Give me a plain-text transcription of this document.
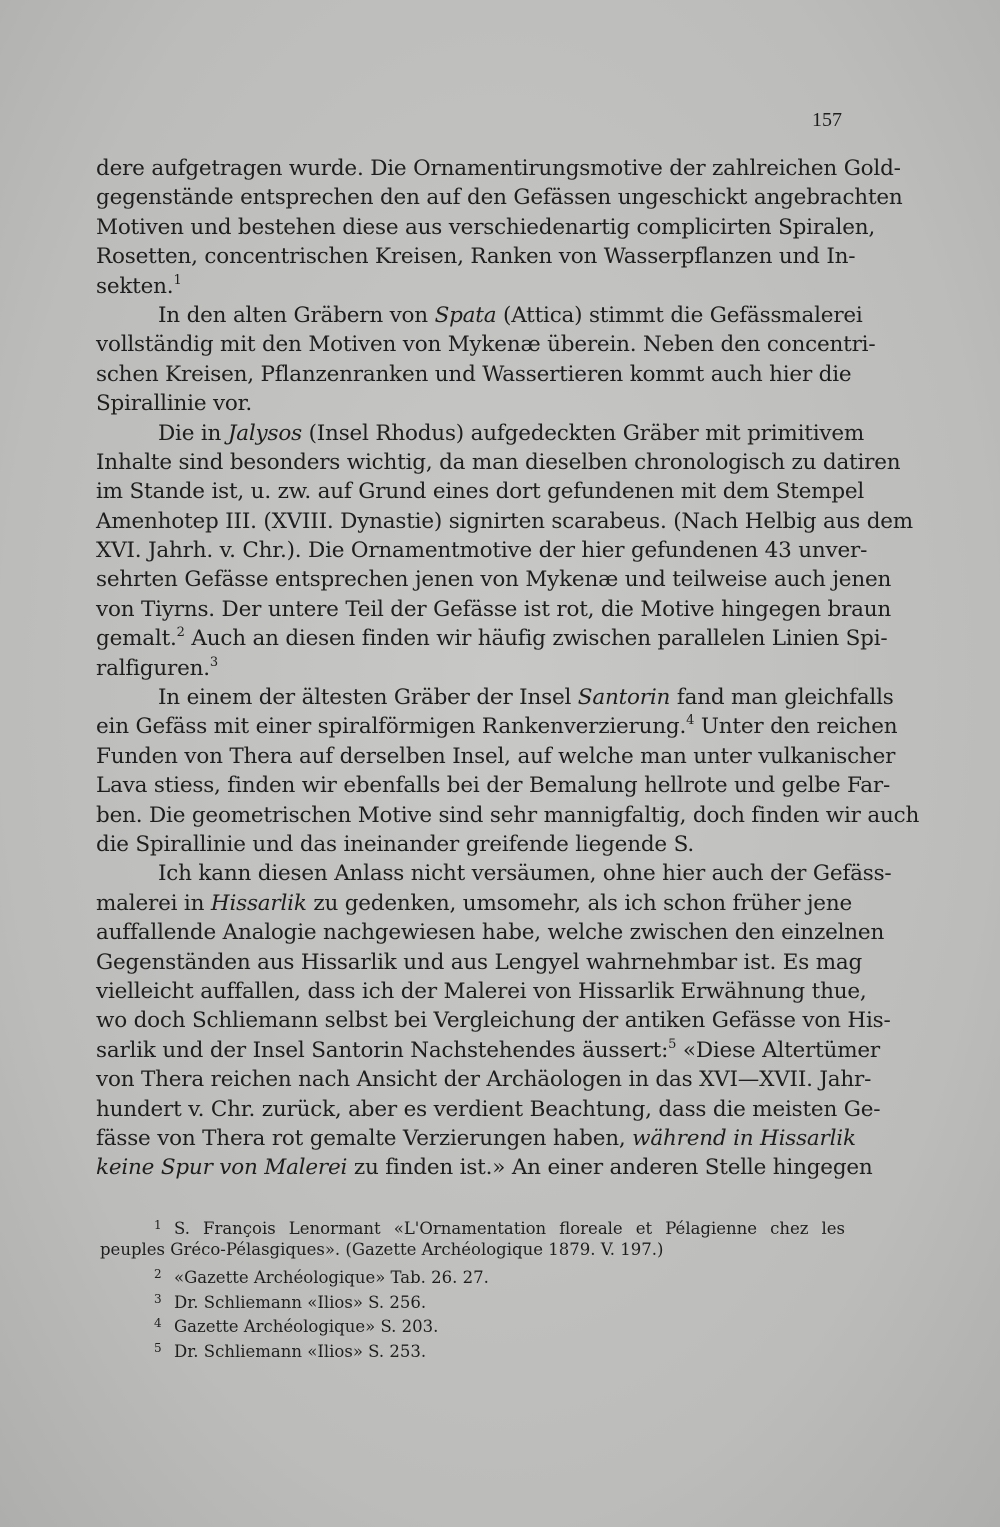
157
dere aufgetragen wurde. Die Ornamentirungsmotive der zahlreichen Gold-
gegenstände entsprechen den auf den Gefässen ungeschickt angebrachten
Motiven und bestehen diese aus verschiedenartig complicirten Spiralen,
Rosetten, concentrischen Kreisen, Ranken von Wasserpflanzen und In-
sekten.$^1$
In den alten Gräbern von Spata (Attica) stimmt die Gefässmalerei
vollständig mit den Motiven von Mykenæ überein. Neben den concentri-
schen Kreisen, Pflanzenranken und Wassertieren kommt auch hier die
Spirallinie vor.
Die in Jalysos (Insel Rhodus) aufgedeckten Gräber mit primitivem
Inhalte sind besonders wichtig, da man dieselben chronologisch zu datiren
im Stande ist, u. zw. auf Grund eines dort gefundenen mit dem Stempel
Amenhotep III. (XVIII. Dynastie) signirten scarabeus. (Nach Helbig aus dem
XVI. Jahrh. v. Chr.). Die Ornamentmotive der hier gefundenen 43 unver-
sehrten Gefässe entsprechen jenen von Mykenæ und teilweise auch jenen
von Tiyrns. Der untere Teil der Gefässe ist rot, die Motive hingegen braun
gemalt.$^2$ Auch an diesen finden wir häufig zwischen parallelen Linien Spi-
ralfiguren.$^3$
In einem der ältesten Gräber der Insel Santorin fand man gleichfalls
ein Gefäss mit einer spiralförmigen Rankenverzierung.$^4$ Unter den reichen
Funden von Thera auf derselben Insel, auf welche man unter vulkanischer
Lava stiess, finden wir ebenfalls bei der Bemalung hellrote und gelbe Far-
ben. Die geometrischen Motive sind sehr mannigfaltig, doch finden wir auch
die Spirallinie und das ineinander greifende liegende S.
Ich kann diesen Anlass nicht versäumen, ohne hier auch der Gefäss-
malerei in Hissarlik zu gedenken, umsomehr, als ich schon früher jene
auffallende Analogie nachgewiesen habe, welche zwischen den einzelnen
Gegenständen aus Hissarlik und aus Lengyel wahrnehmbar ist. Es mag
vielleicht auffallen, dass ich der Malerei von Hissarlik Erwähnung thue,
wo doch Schliemann selbst bei Vergleichung der antiken Gefässe von His-
sarlik und der Insel Santorin Nachstehendes äussert:$^5$ «Diese Altertümer
von Thera reichen nach Ansicht der Archäologen in das XVI—XVII. Jahr-
hundert v. Chr. zurück, aber es verdient Beachtung, dass die meisten Ge-
fässe von Thera rot gemalte Verzierungen haben, während in Hissarlik
keine Spur von Malerei zu finden ist.» An einer anderen Stelle hingegen
1 S. François Lenormant «L'Ornamentation floreale et Pélagienne chez les
peuples Gréco-Pélasgiques». (Gazette Archéologique 1879. V. 197.)
2 «Gazette Archéologique» Tab. 26. 27.
3 Dr. Schliemann «Ilios» S. 256.
4 Gazette Archéologique» S. 203.
5 Dr. Schliemann «Ilios» S. 253.
